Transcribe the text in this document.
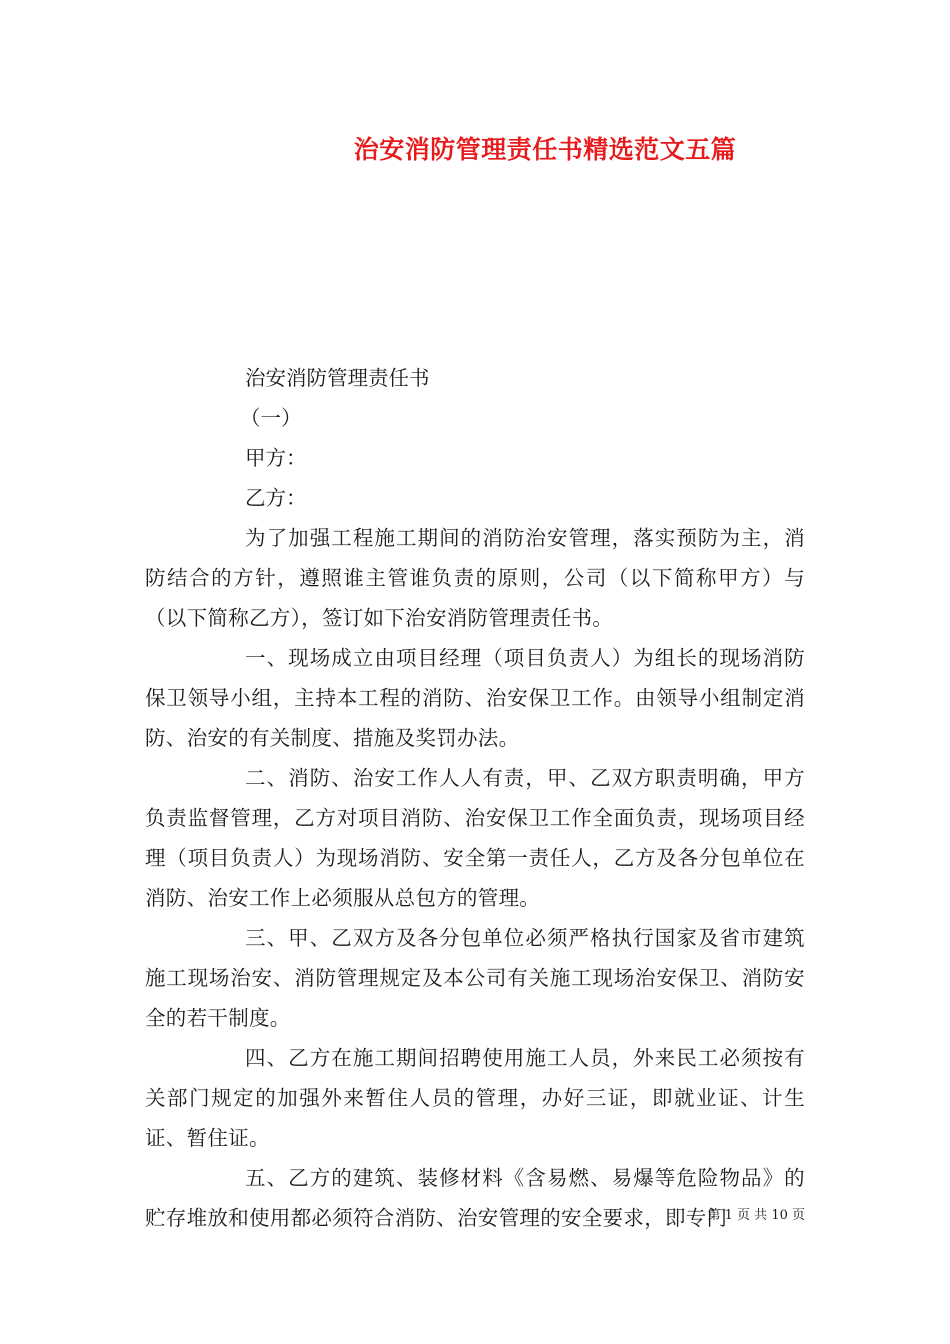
治安消防管理责任书精选范文五篇

治安消防管理责任书

（一）

甲方：

乙方：

为了加强工程施工期间的消防治安管理，落实预防为主，消防结合的方针，遵照谁主管谁负责的原则，公司（以下简称甲方）与（以下简称乙方），签订如下治安消防管理责任书。

一、现场成立由项目经理（项目负责人）为组长的现场消防保卫领导小组，主持本工程的消防、治安保卫工作。由领导小组制定消防、治安的有关制度、措施及奖罚办法。

二、消防、治安工作人人有责，甲、乙双方职责明确，甲方负责监督管理，乙方对项目消防、治安保卫工作全面负责，现场项目经理（项目负责人）为现场消防、安全第一责任人，乙方及各分包单位在消防、治安工作上必须服从总包方的管理。

三、甲、乙双方及各分包单位必须严格执行国家及省市建筑施工现场治安、消防管理规定及本公司有关施工现场治安保卫、消防安全的若干制度。

四、乙方在施工期间招聘使用施工人员，外来民工必须按有关部门规定的加强外来暂住人员的管理，办好三证，即就业证、计生证、暂住证。

五、乙方的建筑、装修材料《含易燃、易爆等危险物品》的贮存堆放和使用都必须符合消防、治安管理的安全要求，即专门

第 1 页 共 10 页
